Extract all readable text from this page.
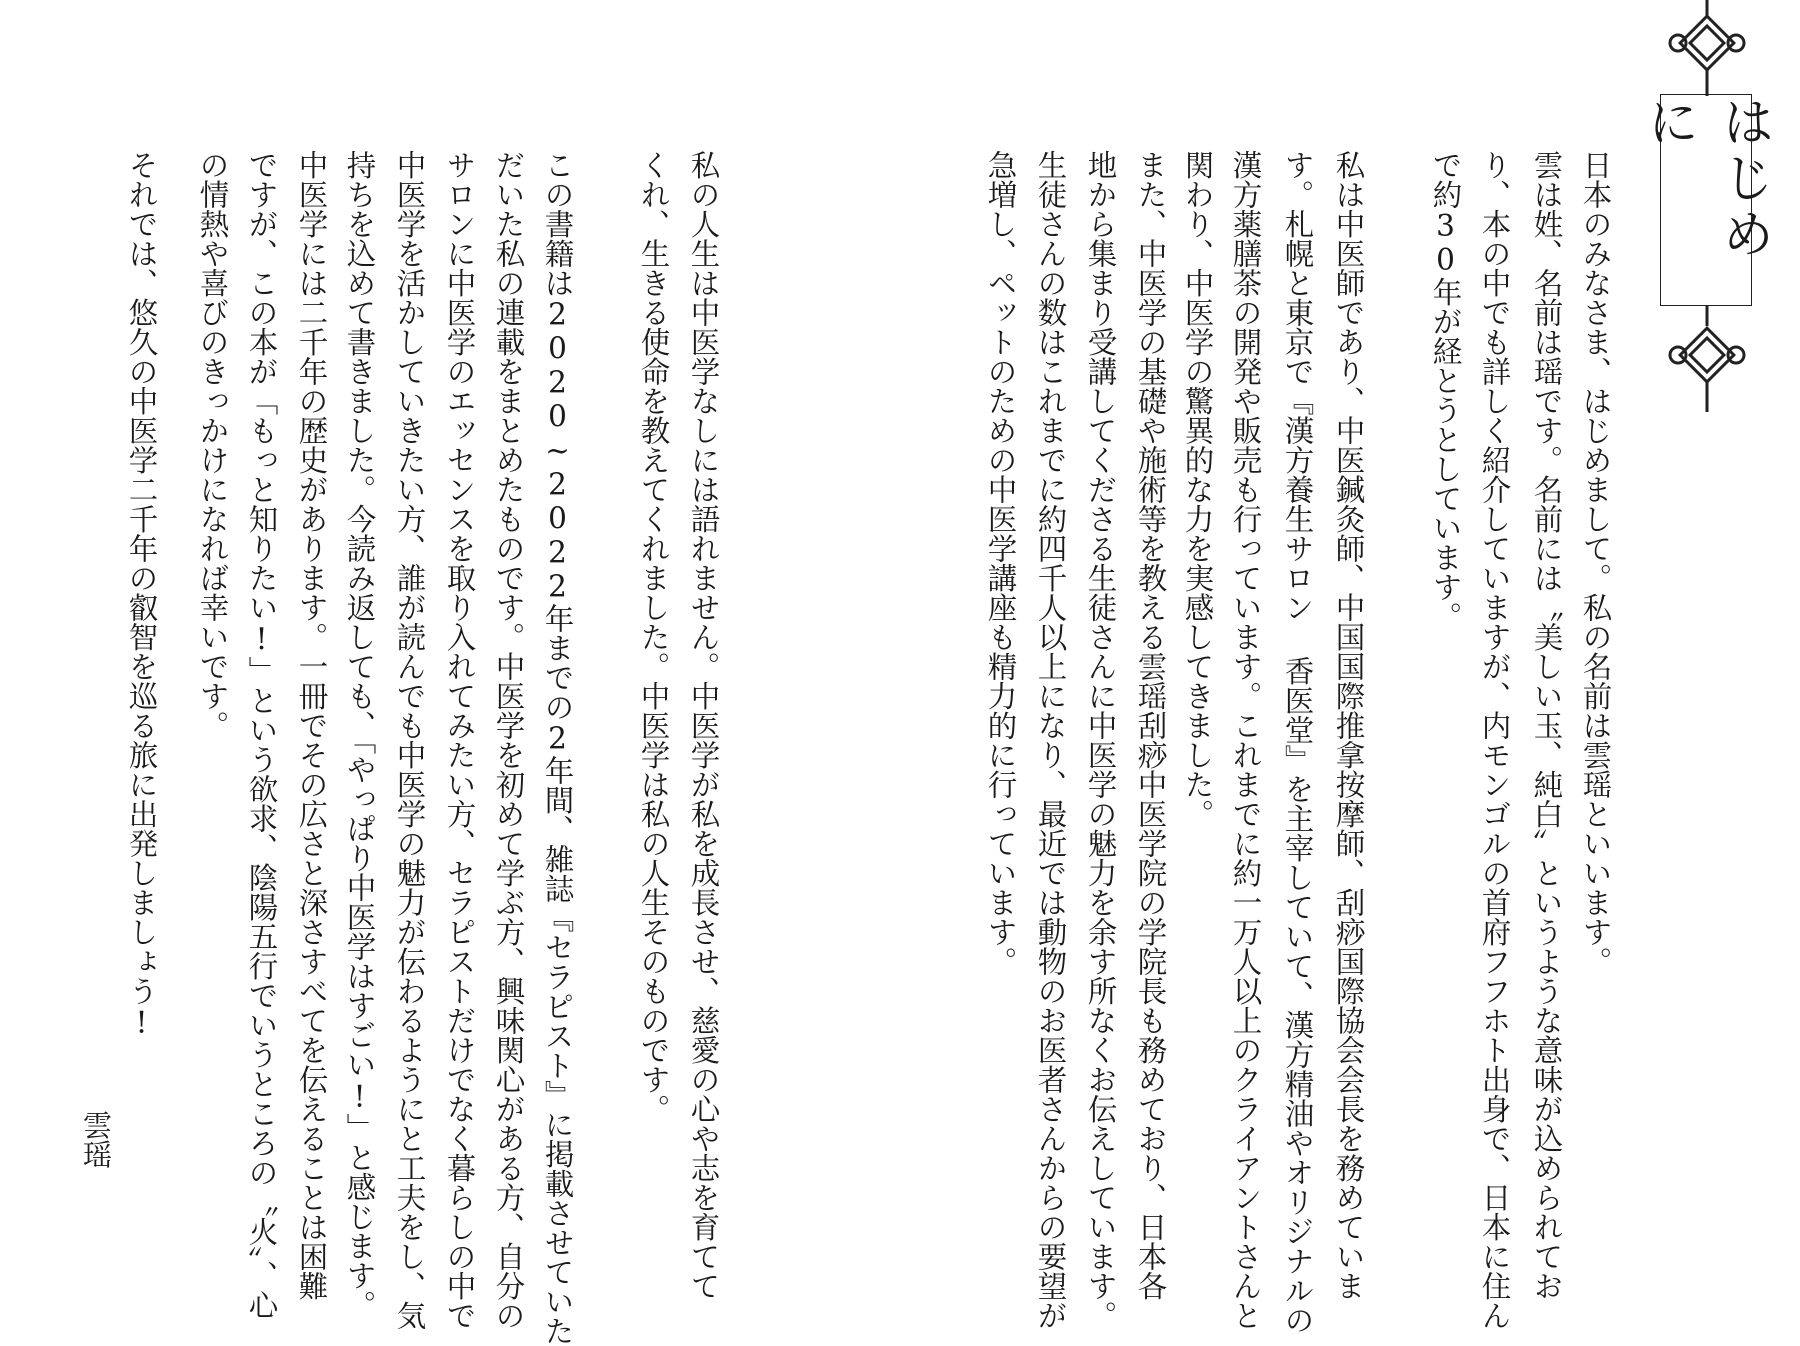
はじめに

日本のみなさま、はじめまして。私の名前は雲瑶といいます。

雲は姓、名前は瑶です。名前には〝美しい玉、純白〟というような意味が込められてお

り、本の中でも詳しく紹介していますが、内モンゴルの首府フフホト出身で、日本に住ん

で約30年が経とうとしています。

私は中医師であり、中医鍼灸師、中国国際推拿按摩師、刮痧国際協会会長を務めていま

す。札幌と東京で『漢方養生サロン 香医堂』を主宰していて、漢方精油やオリジナルの

漢方薬膳茶の開発や販売も行っています。これまでに約一万人以上のクライアントさんと

関わり、中医学の驚異的な力を実感してきました。

また、中医学の基礎や施術等を教える雲瑶刮痧中医学院の学院長も務めており、日本各

地から集まり受講してくださる生徒さんに中医学の魅力を余す所なくお伝えしています。

生徒さんの数はこれまでに約四千人以上になり、最近では動物のお医者さんからの要望が

急増し、ペットのための中医学講座も精力的に行っています。

私の人生は中医学なしには語れません。中医学が私を成長させ、慈愛の心や志を育てて

くれ、生きる使命を教えてくれました。中医学は私の人生そのものです。

この書籍は2020~2022年までの2年間、雑誌『セラピスト』に掲載させていた

だいた私の連載をまとめたものです。中医学を初めて学ぶ方、興味関心がある方、自分の

サロンに中医学のエッセンスを取り入れてみたい方、セラピストだけでなく暮らしの中で

中医学を活かしていきたい方、誰が読んでも中医学の魅力が伝わるようにと工夫をし、気

持ちを込めて書きました。今読み返しても、「やっぱり中医学はすごい!」と感じます。

中医学には二千年の歴史があります。一冊でその広さと深さすべてを伝えることは困難

ですが、この本が「もっと知りたい!」という欲求、陰陽五行でいうところの〝火〟、心

の情熱や喜びのきっかけになれば幸いです。

それでは、悠久の中医学二千年の叡智を巡る旅に出発しましょう!

雲瑶
